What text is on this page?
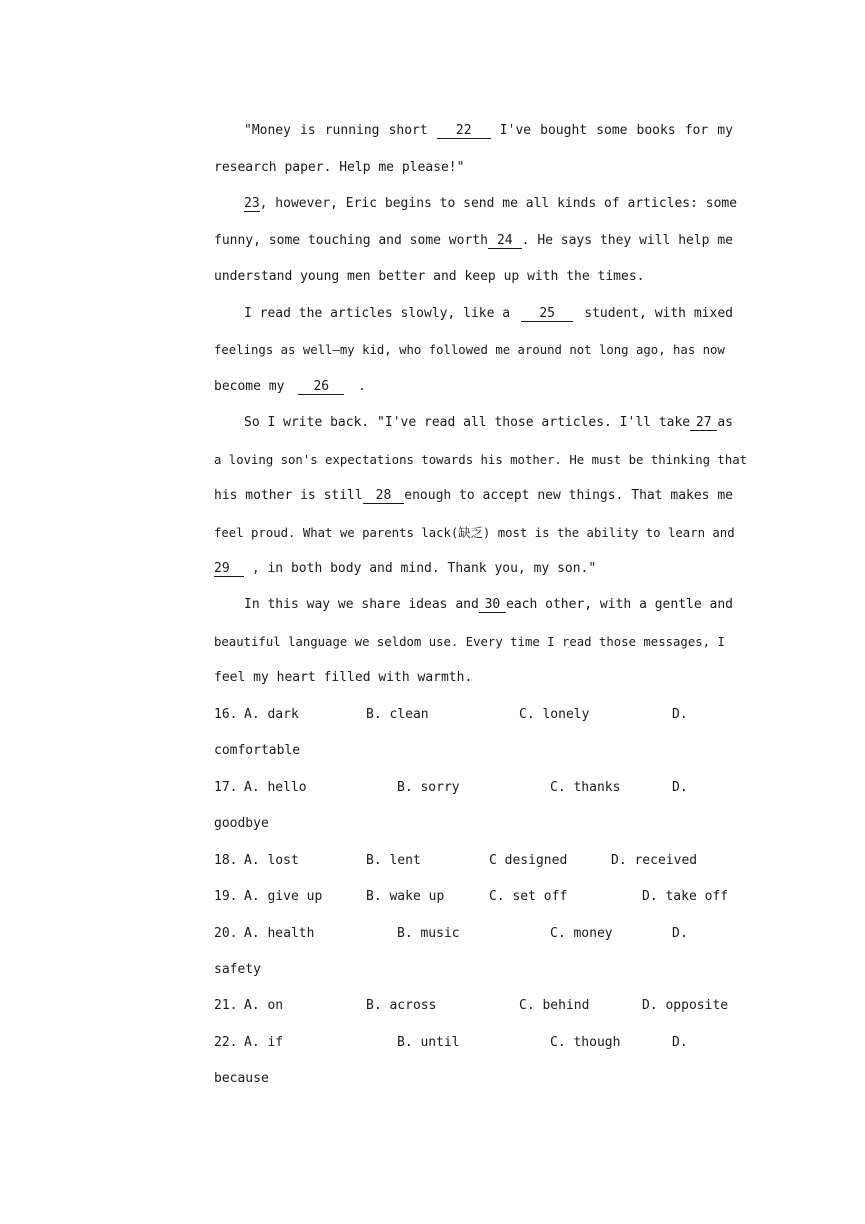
"Money is running short	22	I've bought some books for my
research paper. Help me please!"
23 , however, Eric begins to send me all kinds of articles: some
funny, some touching and some worth 24 . He says they will help me
understand young men better and keep up with the times.
I read the articles slowly, like a	25	student, with mixed
feelings as well—my kid, who followed me around not long ago, has now
become my 26 .
So I write back. "I've read all those articles. I'll take 27 as
a loving son's expectations towards his mother. He must be thinking that
his mother is still 28 enough to accept new things. That makes me
feel proud. What we parents lack(缺乏) most is the ability to learn and
29 , in both body and mind. Thank you, my son."
In this way we share ideas and 30 each other, with a gentle and
beautiful language we seldom use. Every time I read those messages, I
feel my heart filled with warmth.
16. A. dark	B. clean	C. lonely	D.
comfortable
17. A. hello	B. sorry	C. thanks	D.
goodbye
18. A. lost	B. lent	C designed	D. received
19. A. give up	B. wake up	C. set off	D. take off
20. A. health	B. music	C. money	D.
safety
21. A. on	B. across	C. behind	D. opposite
22. A. if	B. until	C. though	D.
because
